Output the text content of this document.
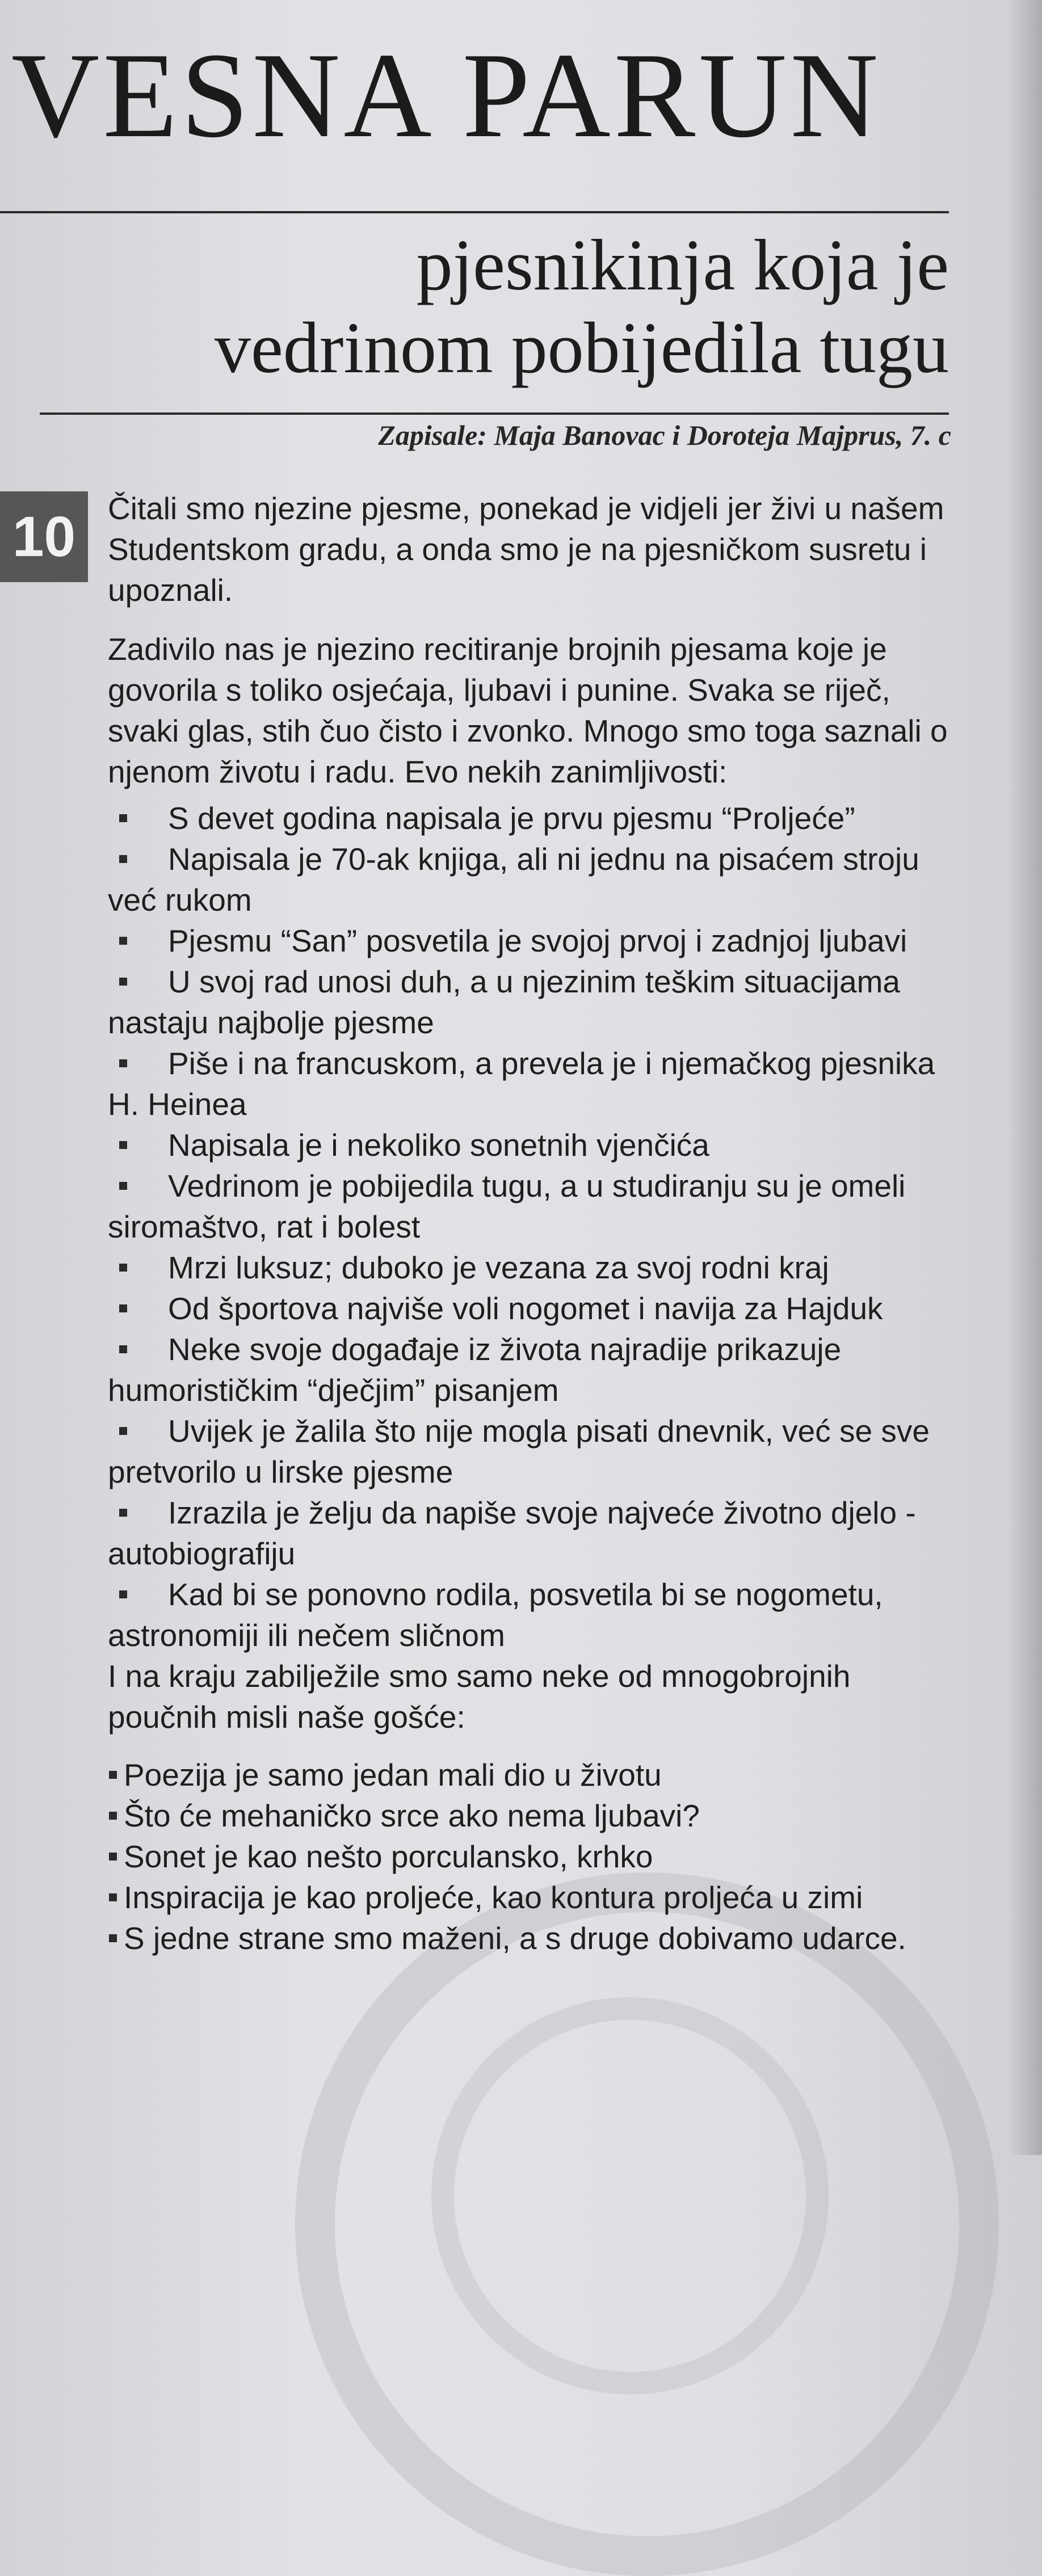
VESNA PARUN
pjesnikinja koja je
vedrinom pobijedila tugu
Zapisale: Maja Banovac i Doroteja Majprus, 7. c
10	Čitali smo njezine pjesme, ponekad je vidjeli jer živi u našem Studentskom gradu, a onda smo je na pjesničkom susretu i upoznali.

Zadivilo nas je njezino recitiranje brojnih pjesama koje je govorila s toliko osjećaja, ljubavi i punine. Svaka se riječ, svaki glas, stih čuo čisto i zvonko. Mnogo smo toga saznali o njenom životu i radu. Evo nekih zanimljivosti:

S devet godina napisala je prvu pjesmu “Proljeće”
Napisala je 70-ak knjiga, ali ni jednu na pisaćem stroju već rukom
Pjesmu “San” posvetila je svojoj prvoj i zadnjoj ljubavi
U svoj rad unosi duh, a u njezinim teškim situacijama nastaju najbolje pjesme
Piše i na francuskom, a prevela je i njemačkog pjesnika H. Heinea
Napisala je i nekoliko sonetnih vjenčića
Vedrinom je pobijedila tugu, a u studiranju su je omeli siromaštvo, rat i bolest
Mrzi luksuz; duboko je vezana za svoj rodni kraj
Od športova najviše voli nogomet i navija za Hajduk
Neke svoje događaje iz života najradije prikazuje humorističkim “dječjim” pisanjem
Uvijek je žalila što nije mogla pisati dnevnik, već se sve pretvorilo u lirske pjesme
Izrazila je želju da napiše svoje najveće životno djelo - autobiografiju
Kad bi se ponovno rodila, posvetila bi se nogometu, astronomiji ili nečem sličnom

I na kraju zabilježile smo samo neke od mnogobrojnih poučnih misli naše gošće:

Poezija je samo jedan mali dio u životu
Što će mehaničko srce ako nema ljubavi?
Sonet je kao nešto porculansko, krhko
Inspiracija je kao proljeće, kao kontura proljeća u zimi
S jedne strane smo maženi, a s druge dobivamo udarce.
